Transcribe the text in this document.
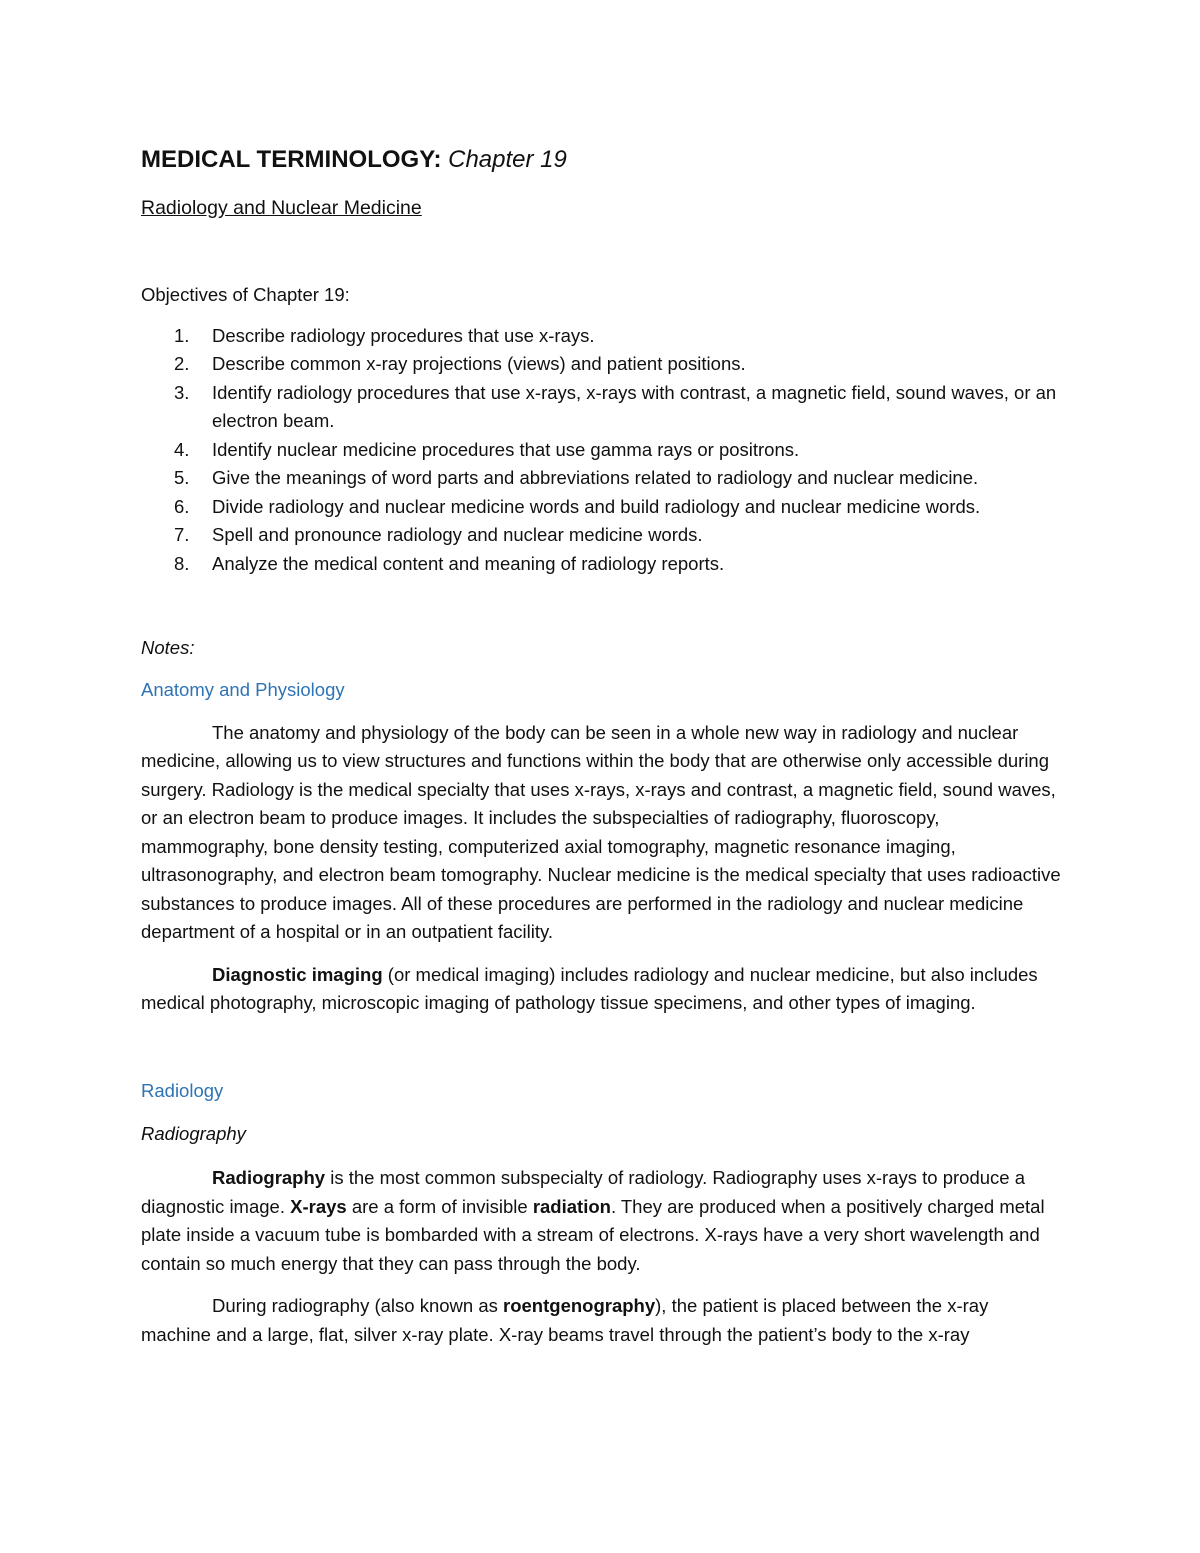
MEDICAL TERMINOLOGY: Chapter 19
Radiology and Nuclear Medicine
Objectives of Chapter 19:
1. Describe radiology procedures that use x-rays.
2. Describe common x-ray projections (views) and patient positions.
3. Identify radiology procedures that use x-rays, x-rays with contrast, a magnetic field, sound waves, or an electron beam.
4. Identify nuclear medicine procedures that use gamma rays or positrons.
5. Give the meanings of word parts and abbreviations related to radiology and nuclear medicine.
6. Divide radiology and nuclear medicine words and build radiology and nuclear medicine words.
7. Spell and pronounce radiology and nuclear medicine words.
8. Analyze the medical content and meaning of radiology reports.
Notes:
Anatomy and Physiology

The anatomy and physiology of the body can be seen in a whole new way in radiology and nuclear medicine, allowing us to view structures and functions within the body that are otherwise only accessible during surgery. Radiology is the medical specialty that uses x-rays, x-rays and contrast, a magnetic field, sound waves, or an electron beam to produce images. It includes the subspecialties of radiography, fluoroscopy, mammography, bone density testing, computerized axial tomography, magnetic resonance imaging, ultrasonography, and electron beam tomography. Nuclear medicine is the medical specialty that uses radioactive substances to produce images. All of these procedures are performed in the radiology and nuclear medicine department of a hospital or in an outpatient facility.

Diagnostic imaging (or medical imaging) includes radiology and nuclear medicine, but also includes medical photography, microscopic imaging of pathology tissue specimens, and other types of imaging.

Radiology
Radiography

Radiography is the most common subspecialty of radiology. Radiography uses x-rays to produce a diagnostic image. X-rays are a form of invisible radiation. They are produced when a positively charged metal plate inside a vacuum tube is bombarded with a stream of electrons. X-rays have a very short wavelength and contain so much energy that they can pass through the body.

During radiography (also known as roentgenography), the patient is placed between the x-ray machine and a large, flat, silver x-ray plate. X-ray beams travel through the patient’s body to the x-ray
